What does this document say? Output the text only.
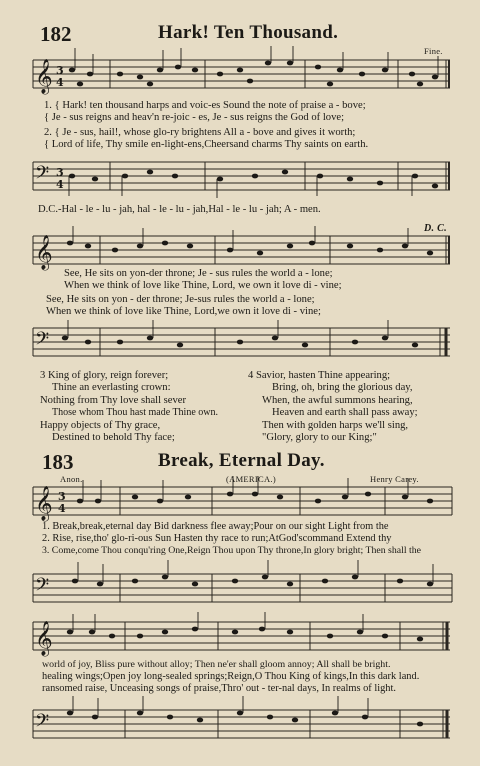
182	Hark! Ten Thousand.
Fine.
𝄞 3
4
1. { Hark! ten thousand harps and voic-es Sound the note of praise a - bove;
{ Je - sus reigns and heav'n re-joic - es, Je - sus reigns the God of love;
2. { Je - sus, hail!, whose glo-ry brightens All a - bove and gives it worth;
{ Lord of life, Thy smile en-light-ens,Cheersand charms Thy saints on earth.
𝄢 3
4
D.C.-Hal - le - lu - jah, hal - le - lu - jah,Hal - le - lu - jah; A - men.
D. C.
𝄞
See, He sits on yon-der throne; Je - sus rules the world a - lone;
When we think of love like Thine, Lord, we own it love di - vine;
See, He sits on yon - der throne; Je-sus rules the world a - lone;
When we think of love like Thine, Lord,we own it love di - vine;
𝄢
3 King of glory, reign forever;
Thine an everlasting crown:
Nothing from Thy love shall sever
Those whom Thou hast made Thine own.
Happy objects of Thy grace,
Destined to behold Thy face;
4 Savior, hasten Thine appearing;
Bring, oh, bring the glorious day,
When, the awful summons hearing,
Heaven and earth shall pass away;
Then with golden harps we'll sing,
"Glory, glory to our King;"
183	Break, Eternal Day.
Anon.	(AMERICA.)	Henry Carey.
𝄞 3
4
1. Break,break,eternal day Bid darkness flee away;Pour on our sight Light from the
2. Rise, rise,tho' glo-ri-ous Sun Hasten thy race to run;AtGod'scommand Extend thy
3. Come,come Thou conqu'ring One,Reign Thou upon Thy throne,In glory bright; Then shall the
𝄢
𝄞
world of joy, Bliss pure without alloy; Then ne'er shall gloom annoy; All shall be bright.
healing wings;Open joy long-sealed springs;Reign,O Thou King of kings,In this dark land.
ransomed raise, Unceasing songs of praise,Thro' out - ter-nal days, In realms of light.
𝄢
